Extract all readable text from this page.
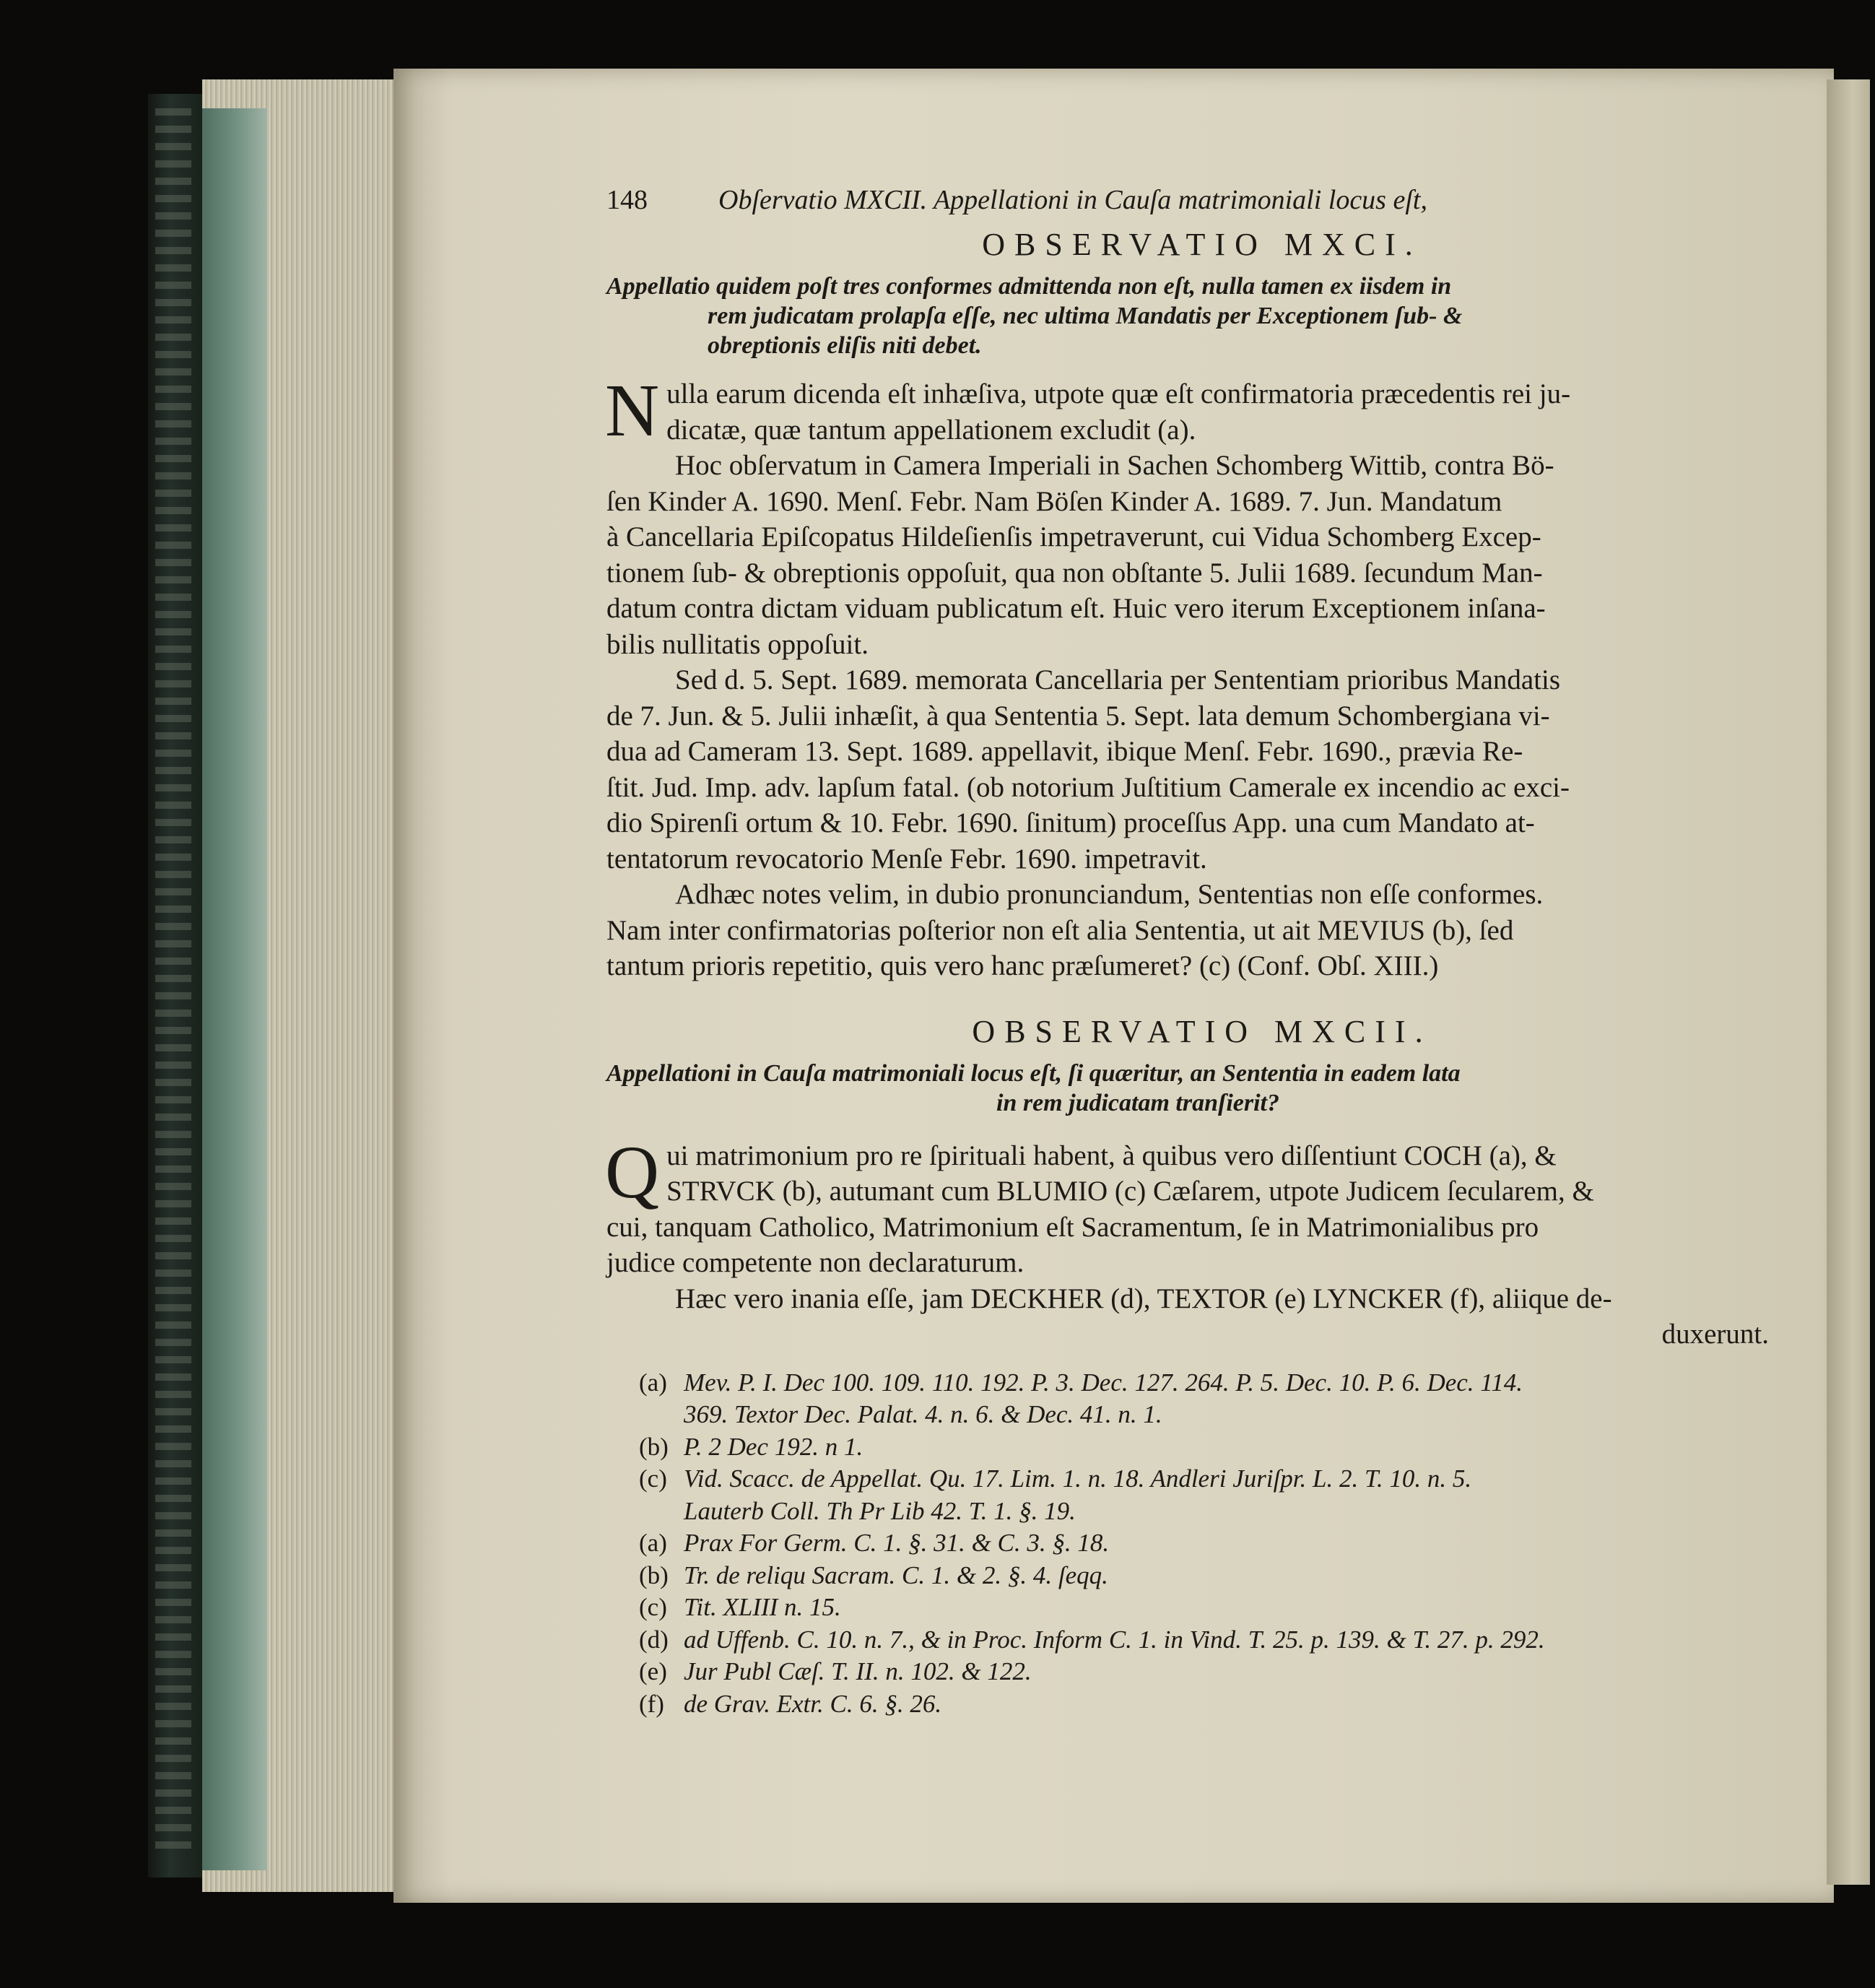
148	Obſervatio MXCII. Appellationi in Cauſa matrimoniali locus eſt,
OBSERVATIO MXCI.
Appellatio quidem poſt tres conformes admittenda non eſt, nulla tamen ex iisdem in
rem judicatam prolapſa eſſe, nec ultima Mandatis per Exceptionem ſub- &
obreptionis eliſis niti debet.
N ulla earum dicenda eſt inhæſiva, utpote quæ eſt confirmatoria præcedentis rei ju-
dicatæ, quæ tantum appellationem excludit (a).
Hoc obſervatum in Camera Imperiali in Sachen Schomberg Wittib, contra Bö-
ſen Kinder A. 1690. Menſ. Febr. Nam Böſen Kinder A. 1689. 7. Jun. Mandatum
à Cancellaria Epiſcopatus Hildeſienſis impetraverunt, cui Vidua Schomberg Excep-
tionem ſub- & obreptionis oppoſuit, qua non obſtante 5. Julii 1689. ſecundum Man-
datum contra dictam viduam publicatum eſt. Huic vero iterum Exceptionem inſana-
bilis nullitatis oppoſuit.
Sed d. 5. Sept. 1689. memorata Cancellaria per Sententiam prioribus Mandatis
de 7. Jun. & 5. Julii inhæſit, à qua Sententia 5. Sept. lata demum Schombergiana vi-
dua ad Cameram 13. Sept. 1689. appellavit, ibique Menſ. Febr. 1690., prævia Re-
ſtit. Jud. Imp. adv. lapſum fatal. (ob notorium Juſtitium Camerale ex incendio ac exci-
dio Spirenſi ortum & 10. Febr. 1690. ſinitum) proceſſus App. una cum Mandato at-
tentatorum revocatorio Menſe Febr. 1690. impetravit.
Adhæc notes velim, in dubio pronunciandum, Sententias non eſſe conformes.
Nam inter confirmatorias poſterior non eſt alia Sententia, ut ait MEVIUS (b), ſed
tantum prioris repetitio, quis vero hanc præſumeret? (c) (Conf. Obſ. XIII.)
OBSERVATIO MXCII.
Appellationi in Cauſa matrimoniali locus eſt, ſi quæritur, an Sententia in eadem lata
in rem judicatam tranſierit?
Q ui matrimonium pro re ſpirituali habent, à quibus vero diſſentiunt COCH (a), &
STRVCK (b), autumant cum BLUMIO (c) Cæſarem, utpote Judicem ſecularem, &
cui, tanquam Catholico, Matrimonium eſt Sacramentum, ſe in Matrimonialibus pro
judice competente non declaraturum.
Hæc vero inania eſſe, jam DECKHER (d), TEXTOR (e) LYNCKER (f), aliique de-
duxerunt.
(a) Mev. P. I. Dec 100. 109. 110. 192. P. 3. Dec. 127. 264. P. 5. Dec. 10. P. 6. Dec. 114.
369. Textor Dec. Palat. 4. n. 6. & Dec. 41. n. 1.
(b) P. 2 Dec 192. n 1.
(c) Vid. Scacc. de Appellat. Qu. 17. Lim. 1. n. 18. Andleri Juriſpr. L. 2. T. 10. n. 5.
Lauterb Coll. Th Pr Lib 42. T. 1. §. 19.
(a) Prax For Germ. C. 1. §. 31. & C. 3. §. 18.
(b) Tr. de reliqu Sacram. C. 1. & 2. §. 4. ſeqq.
(c) Tit. XLIII n. 15.
(d) ad Uffenb. C. 10. n. 7., & in Proc. Inform C. 1. in Vind. T. 25. p. 139. & T. 27. p. 292.
(e) Jur Publ Cæſ. T. II. n. 102. & 122.
(f) de Grav. Extr. C. 6. §. 26.
